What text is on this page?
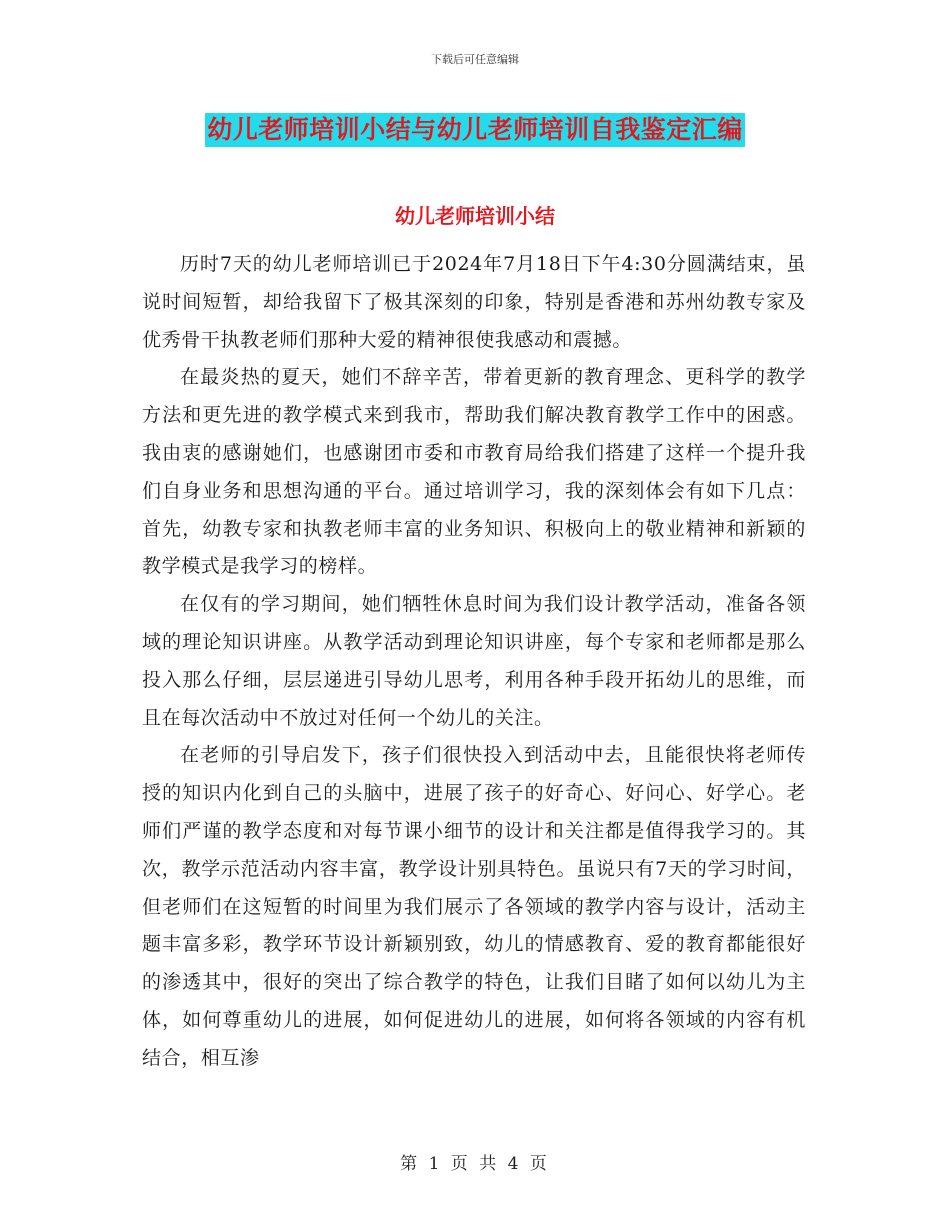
下载后可任意编辑
幼儿老师培训小结与幼儿老师培训自我鉴定汇编
幼儿老师培训小结

历时7天的幼儿老师培训已于2024年7月18日下午4:30分圆满结束，虽说时间短暂，却给我留下了极其深刻的印象，特别是香港和苏州幼教专家及优秀骨干执教老师们那种大爱的精神很使我感动和震撼。

在最炎热的夏天，她们不辞辛苦，带着更新的教育理念、更科学的教学方法和更先进的教学模式来到我市，帮助我们解决教育教学工作中的困惑。我由衷的感谢她们，也感谢团市委和市教育局给我们搭建了这样一个提升我们自身业务和思想沟通的平台。通过培训学习，我的深刻体会有如下几点：首先，幼教专家和执教老师丰富的业务知识、积极向上的敬业精神和新颖的教学模式是我学习的榜样。

在仅有的学习期间，她们牺牲休息时间为我们设计教学活动，准备各领域的理论知识讲座。从教学活动到理论知识讲座，每个专家和老师都是那么投入那么仔细，层层递进引导幼儿思考，利用各种手段开拓幼儿的思维，而且在每次活动中不放过对任何一个幼儿的关注。

在老师的引导启发下，孩子们很快投入到活动中去，且能很快将老师传授的知识内化到自己的头脑中，进展了孩子的好奇心、好问心、好学心。老师们严谨的教学态度和对每节课小细节的设计和关注都是值得我学习的。其次，教学示范活动内容丰富，教学设计别具特色。虽说只有7天的学习时间，但老师们在这短暂的时间里为我们展示了各领域的教学内容与设计，活动主题丰富多彩，教学环节设计新颖别致，幼儿的情感教育、爱的教育都能很好的渗透其中，很好的突出了综合教学的特色，让我们目睹了如何以幼儿为主体，如何尊重幼儿的进展，如何促进幼儿的进展，如何将各领域的内容有机结合，相互渗

第 1 页 共 4 页
